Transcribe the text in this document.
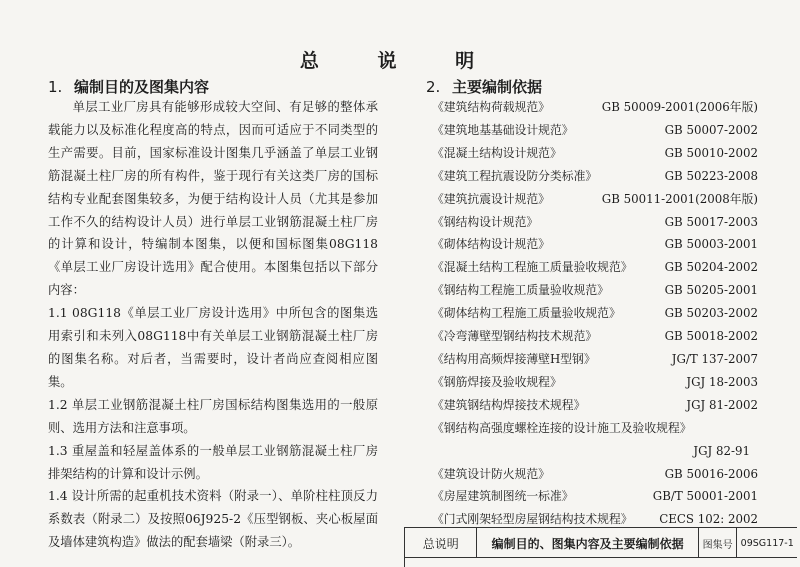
总 说 明
1. 编制目的及图集内容	2. 主要编制依据

单层工业厂房具有能够形成较大空间、有足够的整体承载能力以及标准化程度高的特点，因而可适应于不同类型的生产需要。目前，国家标准设计图集几乎涵盖了单层工业钢筋混凝土柱厂房的所有构件，鉴于现行有关这类厂房的国标结构专业配套图集较多，为便于结构设计人员（尤其是参加工作不久的结构设计人员）进行单层工业钢筋混凝土柱厂房的计算和设计，特编制本图集，以便和国标图集08G118《单层工业厂房设计选用》配合使用。本图集包括以下部分内容：

1.1 08G118《单层工业厂房设计选用》中所包含的图集选用索引和未列入08G118中有关单层工业钢筋混凝土柱厂房的图集名称。对后者，当需要时，设计者尚应查阅相应图集。

1.2 单层工业钢筋混凝土柱厂房国标结构图集选用的一般原则、选用方法和注意事项。

1.3 重屋盖和轻屋盖体系的一般单层工业钢筋混凝土柱厂房排架结构的计算和设计示例。

1.4 设计所需的起重机技术资料（附录一）、单阶柱柱顶反力系数表（附录二）及按照06J925-2《压型钢板、夹心板屋面及墙体建筑构造》做法的配套墙梁（附录三）。

《建筑结构荷载规范》	GB 50009-2001(2006年版)
《建筑地基基础设计规范》	GB 50007-2002
《混凝土结构设计规范》	GB 50010-2002
《建筑工程抗震设防分类标准》	GB 50223-2008
《建筑抗震设计规范》	GB 50011-2001(2008年版)
《钢结构设计规范》	GB 50017-2003
《砌体结构设计规范》	GB 50003-2001
《混凝土结构工程施工质量验收规范》	GB 50204-2002
《钢结构工程施工质量验收规范》	GB 50205-2001
《砌体结构工程施工质量验收规范》	GB 50203-2002
《冷弯薄壁型钢结构技术规范》	GB 50018-2002
《结构用高频焊接薄壁H型钢》	JG/T 137-2007
《钢筋焊接及验收规程》	JGJ 18-2003
《建筑钢结构焊接技术规程》	JGJ 81-2002
《钢结构高强度螺栓连接的设计施工及验收规程》
JGJ 82-91
《建筑设计防火规范》	GB 50016-2006
《房屋建筑制图统一标准》	GB/T 50001-2001
《门式刚架轻型房屋钢结构技术规程》 CECS 102: 2002
总说明	编制目的、图集内容及主要编制依据	图集号 09SG117-1
